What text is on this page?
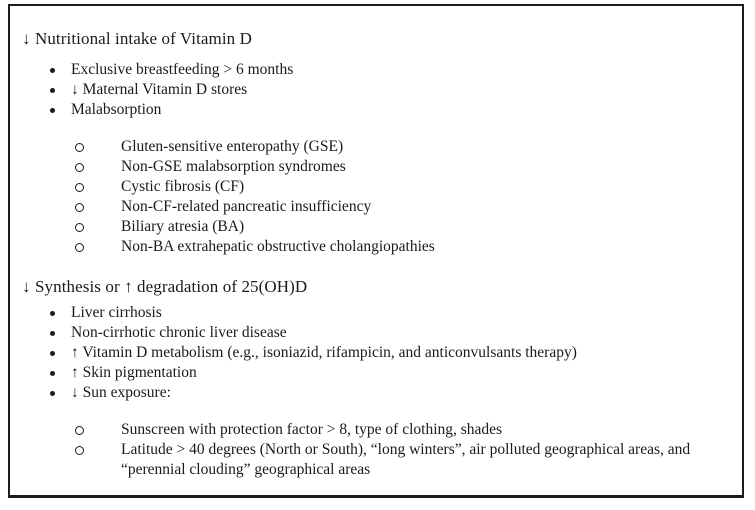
↓ Nutritional intake of Vitamin D

Exclusive breastfeeding > 6 months
↓ Maternal Vitamin D stores
Malabsorption
Gluten-sensitive enteropathy (GSE)
Non-GSE malabsorption syndromes
Cystic fibrosis (CF)
Non-CF-related pancreatic insufficiency
Biliary atresia (BA)
Non-BA extrahepatic obstructive cholangiopathies

↓ Synthesis or ↑ degradation of 25(OH)D

Liver cirrhosis
Non-cirrhotic chronic liver disease
↑ Vitamin D metabolism (e.g., isoniazid, rifampicin, and anticonvulsants therapy)
↑ Skin pigmentation
↓ Sun exposure:
Sunscreen with protection factor > 8, type of clothing, shades
Latitude > 40 degrees (North or South), “long winters”, air polluted geographical areas, and “perennial clouding” geographical areas
